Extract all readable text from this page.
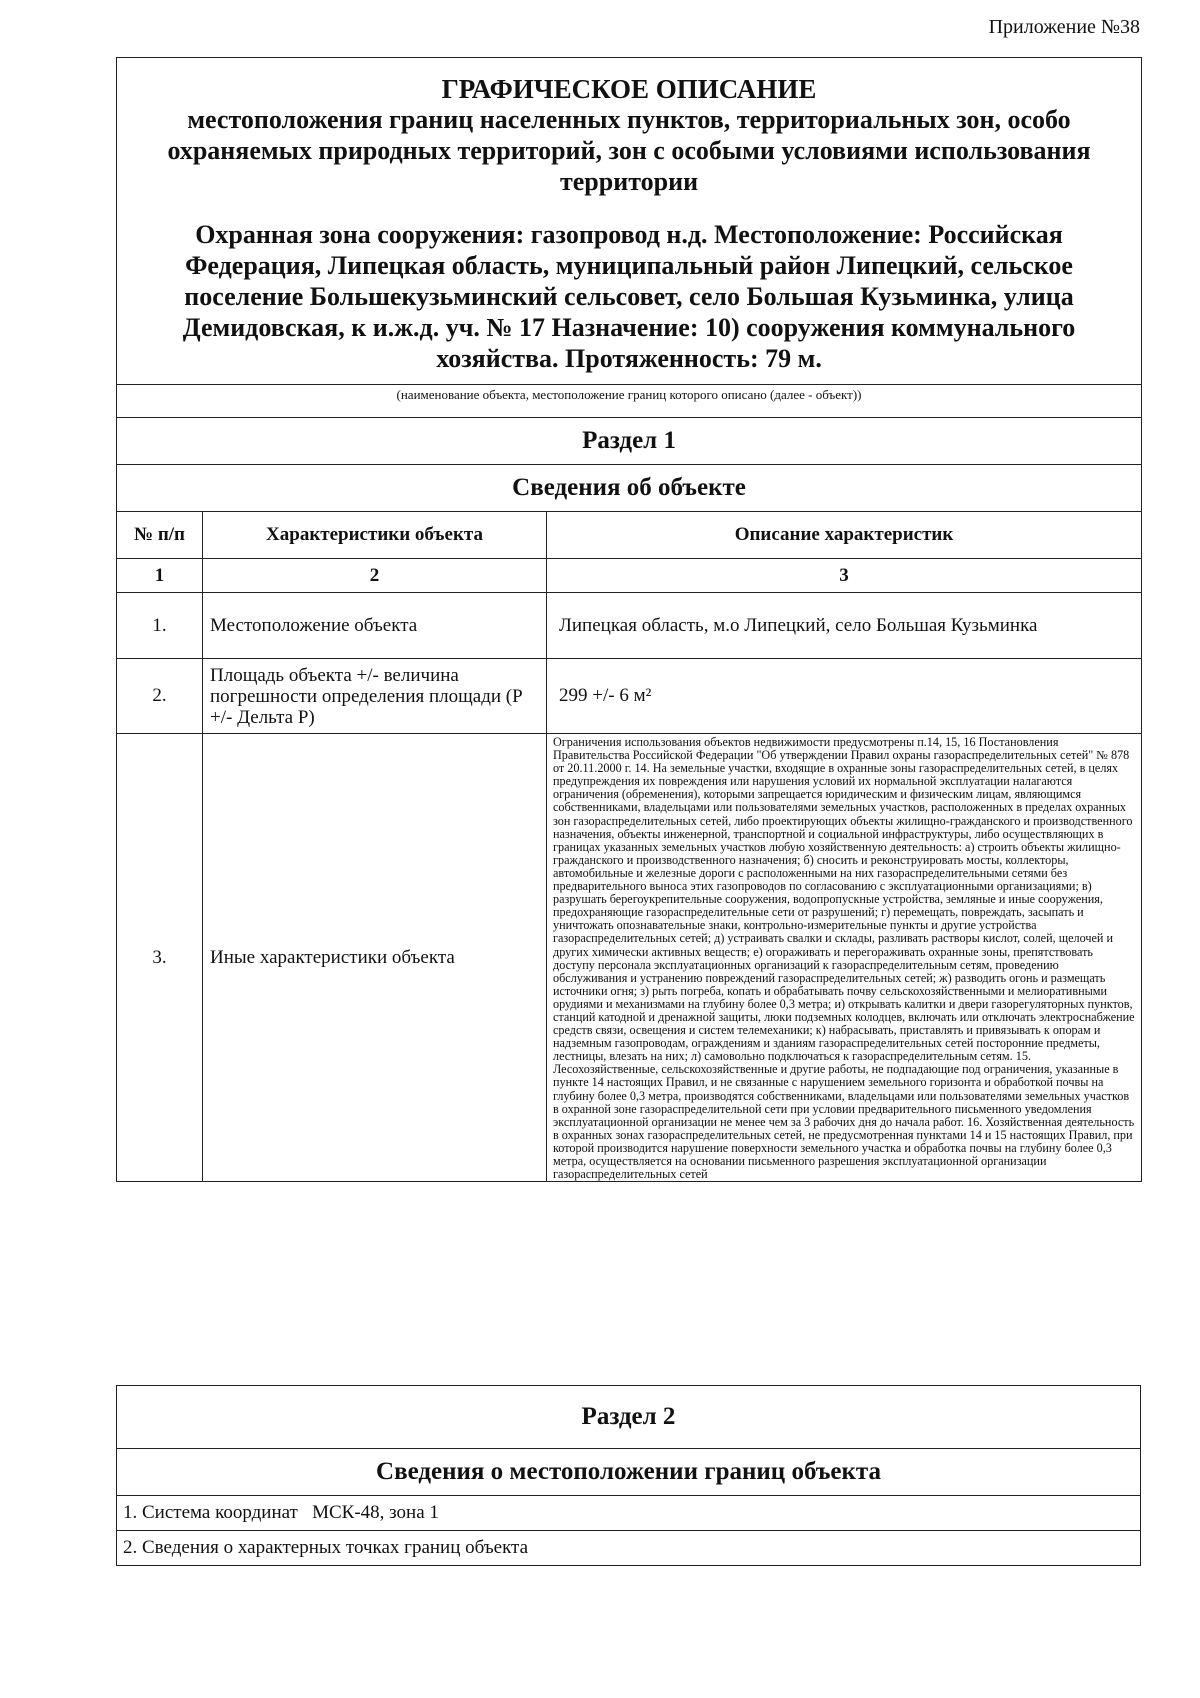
Приложение №38
ГРАФИЧЕСКОЕ ОПИСАНИЕ
местоположения границ населенных пунктов, территориальных зон, особо охраняемых природных территорий, зон с особыми условиями использования территории
Охранная зона сооружения: газопровод н.д. Местоположение: Российская Федерация, Липецкая область, муниципальный район Липецкий, сельское поселение Большекузьминский сельсовет, село Большая Кузьминка, улица Демидовская, к и.ж.д. уч. № 17 Назначение: 10) сооружения коммунального хозяйства. Протяженность: 79 м.		

(наименование объекта, местоположение границ которого описано (далее - объект))		
Раздел 1		
Сведения об объекте		
№ п/п	Характеристики объекта	Описание характеристик
1	2	3
1.	Местоположение объекта	Липецкая область, м.о Липецкий, село Большая Кузьминка
2.	Площадь объекта +/- величина погрешности определения площади (Р +/- Дельта Р)	299 +/- 6 м²
3.	Иные характеристики объекта	Ограничения использования объектов недвижимости предусмотрены п.14, 15, 16 Постановления Правительства Российской Федерации "Об утверждении Правил охраны газораспределительных сетей" № 878 от 20.11.2000 г. 14. На земельные участки, входящие в охранные зоны газораспределительных сетей, в целях предупреждения их повреждения или нарушения условий их нормальной эксплуатации налагаются ограничения (обременения), которыми запрещается юридическим и физическим лицам, являющимся собственниками, владельцами или пользователями земельных участков, расположенных в пределах охранных зон газораспределительных сетей, либо проектирующих объекты жилищно-гражданского и производственного назначения, объекты инженерной, транспортной и социальной инфраструктуры, либо осуществляющих в границах указанных земельных участков любую хозяйственную деятельность: а) строить объекты жилищно-гражданского и производственного назначения; б) сносить и реконструировать мосты, коллекторы, автомобильные и железные дороги с расположенными на них газораспределительными сетями без предварительного выноса этих газопроводов по согласованию с эксплуатационными организациями; в) разрушать берегоукрепительные сооружения, водопропускные устройства, земляные и иные сооружения, предохраняющие газораспределительные сети от разрушений; г) перемещать, повреждать, засыпать и уничтожать опознавательные знаки, контрольно-измерительные пункты и другие устройства газораспределительных сетей; д) устраивать свалки и склады, разливать растворы кислот, солей, щелочей и других химически активных веществ; е) огораживать и перегораживать охранные зоны, препятствовать доступу персонала эксплуатационных организаций к газораспределительным сетям, проведению обслуживания и устранению повреждений газораспределительных сетей; ж) разводить огонь и размещать источники огня; з) рыть погреба, копать и обрабатывать почву сельскохозяйственными и мелиоративными орудиями и механизмами на глубину более 0,3 метра; и) открывать калитки и двери газорегуляторных пунктов, станций катодной и дренажной защиты, люки подземных колодцев, включать или отключать электроснабжение средств связи, освещения и систем телемеханики; к) набрасывать, приставлять и привязывать к опорам и надземным газопроводам, ограждениям и зданиям газораспределительных сетей посторонние предметы, лестницы, влезать на них; л) самовольно подключаться к газораспределительным сетям. 15. Лесохозяйственные, сельскохозяйственные и другие работы, не подпадающие под ограничения, указанные в пункте 14 настоящих Правил, и не связанные с нарушением земельного горизонта и обработкой почвы на глубину более 0,3 метра, производятся собственниками, владельцами или пользователями земельных участков в охранной зоне газораспределительной сети при условии предварительного письменного уведомления эксплуатационной организации не менее чем за 3 рабочих дня до начала работ. 16. Хозяйственная деятельность в охранных зонах газораспределительных сетей, не предусмотренная пунктами 14 и 15 настоящих Правил, при которой производится нарушение поверхности земельного участка и обработка почвы на глубину более 0,3 метра, осуществляется на основании письменного разрешения эксплуатационной организации газораспределительных сетей
Раздел 2
Сведения о местоположении границ объекта
1. Система координат   МСК-48, зона 1
2. Сведения о характерных точках границ объекта
